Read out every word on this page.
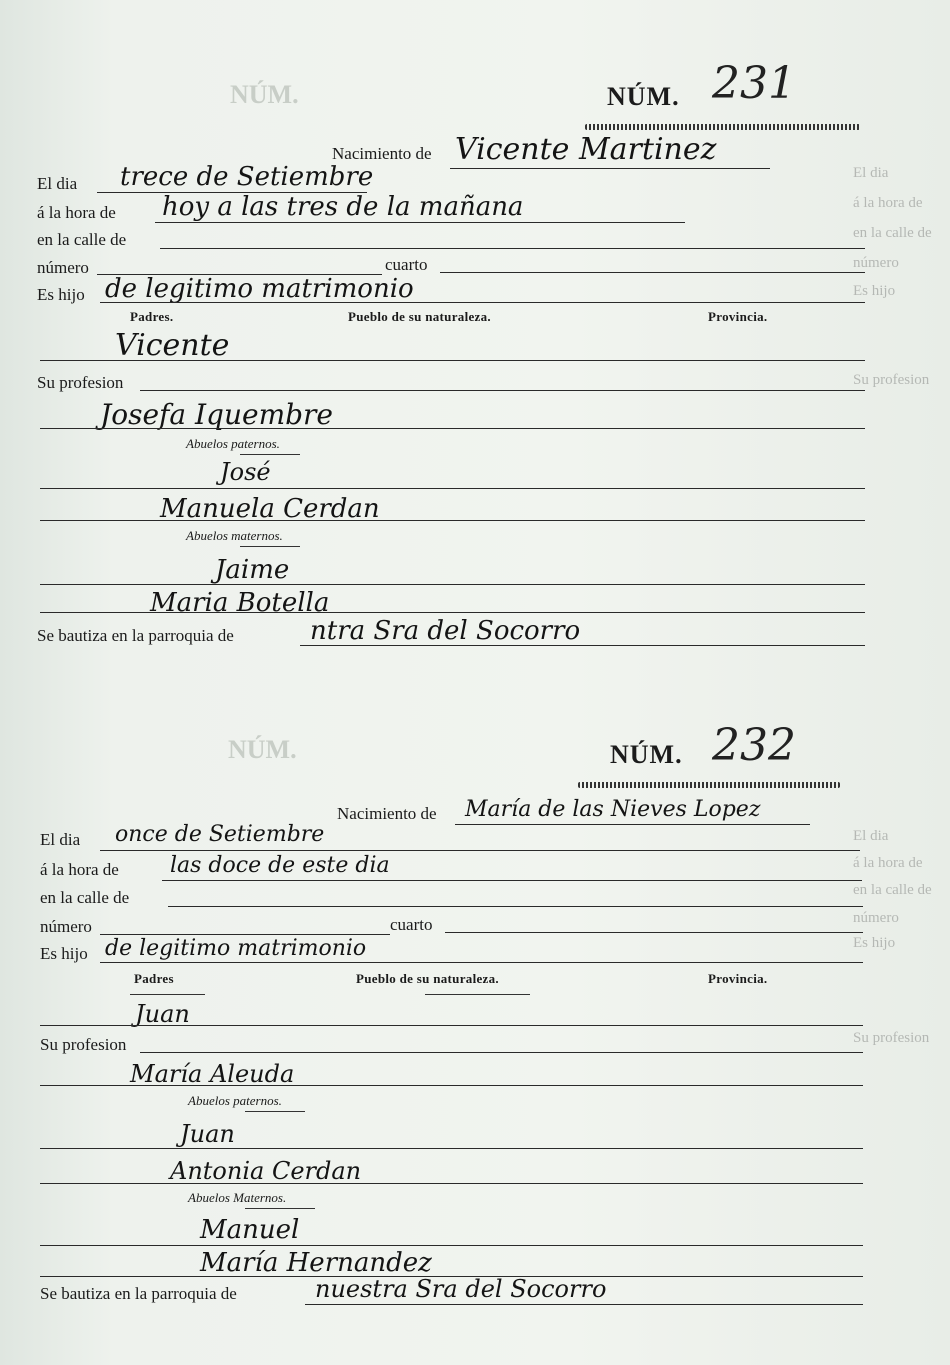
El dia
á la hora de
en la calle de
número
Es hijo
Su profesion
El dia
á la hora de
en la calle de
número
Es hijo
Su profesion
NÚM.
NÚM.
NÚM. 231
Nacimiento de Vicente Martinez
El dia trece de Setiembre
á la hora de hoy a las tres de la mañana
en la calle de
número	cuarto
Es hijo de legitimo matrimonio
Padres.	Pueblo de su naturaleza.	Provincia.
Vicente
Su profesion
Josefa Iquembre
Abuelos paternos.
José
Manuela Cerdan
Abuelos maternos.
Jaime
Maria Botella
Se bautiza en la parroquia de	ntra Sra del Socorro
NÚM. 232
Nacimiento de María de las Nieves Lopez
El dia once de Setiembre
á la hora de las doce de este dia
en la calle de
número	cuarto
Es hijo de legitimo matrimonio
Padres	Pueblo de su naturaleza.	Provincia.
Juan
Su profesion
María Aleuda
Abuelos paternos.
Juan
Antonia Cerdan
Abuelos Maternos.
Manuel
María Hernandez
Se bautiza en la parroquia de	nuestra Sra del Socorro
